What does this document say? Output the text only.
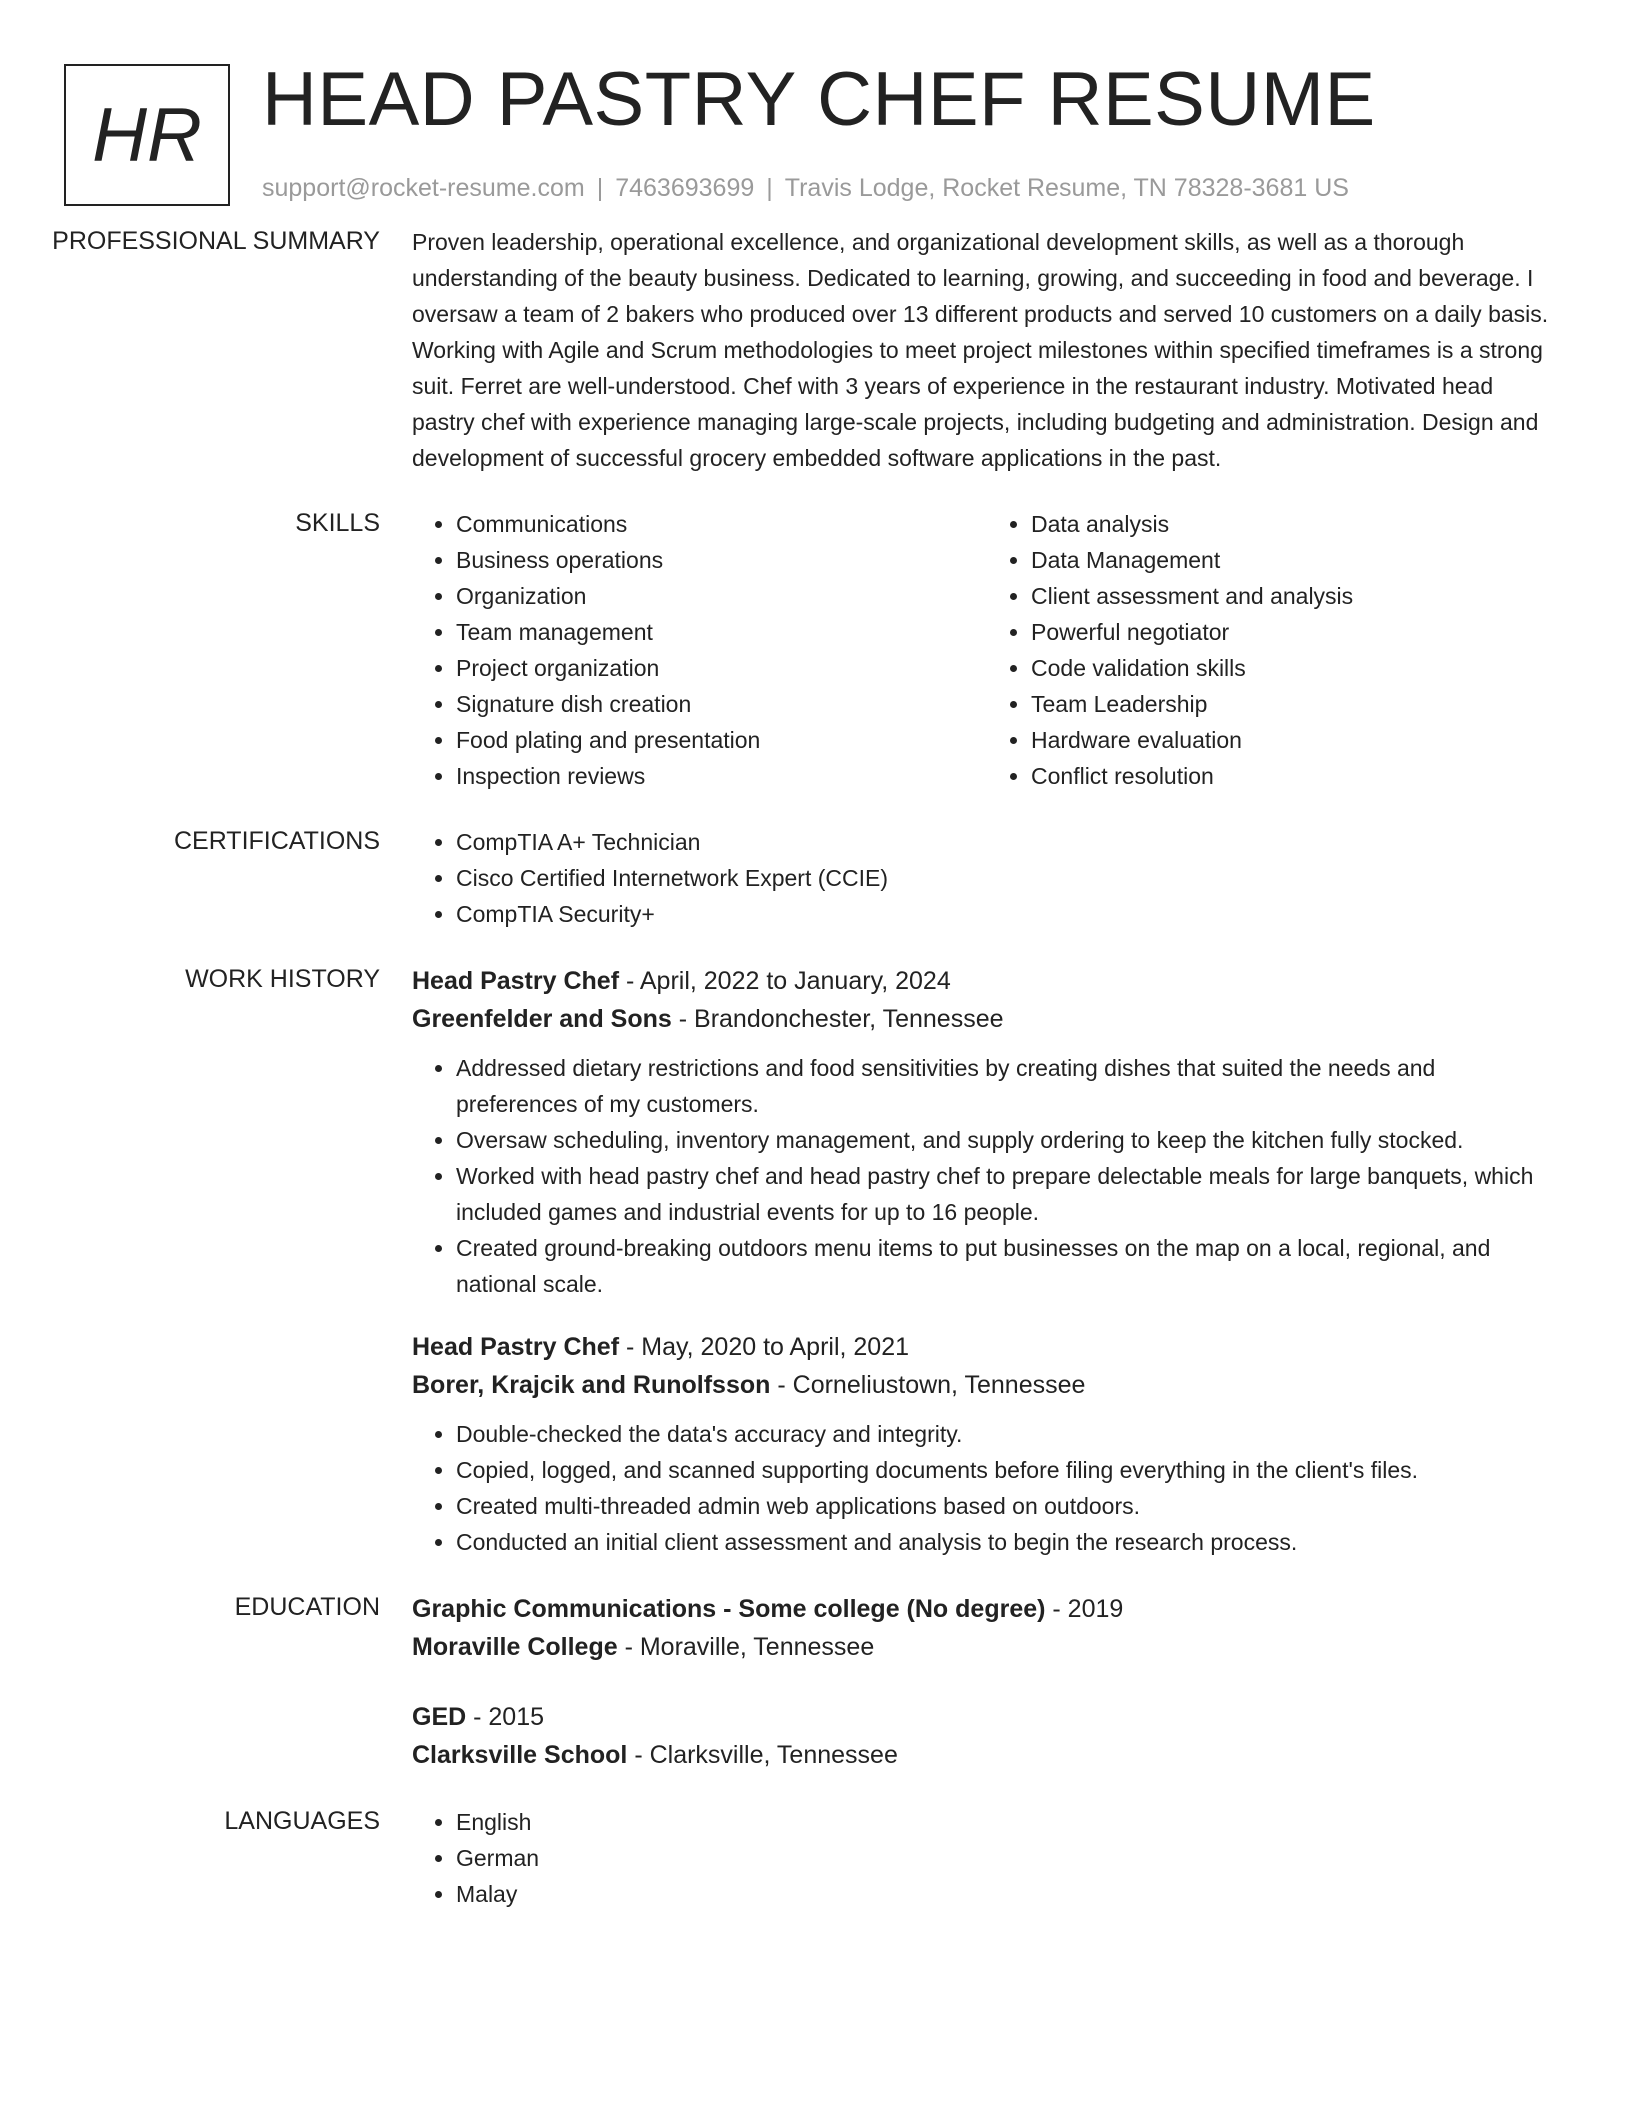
HR HEAD PASTRY CHEF RESUME
support@rocket-resume.com | 7463693699 | Travis Lodge, Rocket Resume, TN 78328-3681 US
PROFESSIONAL SUMMARY	Proven leadership, operational excellence, and organizational development skills, as well as a thorough understanding of the beauty business. Dedicated to learning, growing, and succeeding in food and beverage. I oversaw a team of 2 bakers who produced over 13 different products and served 10 customers on a daily basis. Working with Agile and Scrum methodologies to meet project milestones within specified timeframes is a strong suit. Ferret are well-understood. Chef with 3 years of experience in the restaurant industry. Motivated head pastry chef with experience managing large-scale projects, including budgeting and administration. Design and development of successful grocery embedded software applications in the past.

SKILLS	• Communications
• Business operations
• Organization
• Team management
• Project organization
• Signature dish creation
• Food plating and presentation
• Inspection reviews
• Data analysis
• Data Management
• Client assessment and analysis
• Powerful negotiator
• Code validation skills
• Team Leadership
• Hardware evaluation
• Conflict resolution
CERTIFICATIONS	• CompTIA A+ Technician
• Cisco Certified Internetwork Expert (CCIE)
• CompTIA Security+
WORK HISTORY	Head Pastry Chef - April, 2022 to January, 2024
Greenfelder and Sons - Brandonchester, Tennessee
• Addressed dietary restrictions and food sensitivities by creating dishes that suited the needs and preferences of my customers.
• Oversaw scheduling, inventory management, and supply ordering to keep the kitchen fully stocked.
• Worked with head pastry chef and head pastry chef to prepare delectable meals for large banquets, which included games and industrial events for up to 16 people.
• Created ground-breaking outdoors menu items to put businesses on the map on a local, regional, and national scale.
Head Pastry Chef - May, 2020 to April, 2021
Borer, Krajcik and Runolfsson - Corneliustown, Tennessee
• Double-checked the data's accuracy and integrity.
• Copied, logged, and scanned supporting documents before filing everything in the client's files.
• Created multi-threaded admin web applications based on outdoors.
• Conducted an initial client assessment and analysis to begin the research process.
EDUCATION	Graphic Communications - Some college (No degree) - 2019
Moraville College - Moraville, Tennessee
GED - 2015
Clarksville School - Clarksville, Tennessee
LANGUAGES	• English
• German
• Malay
